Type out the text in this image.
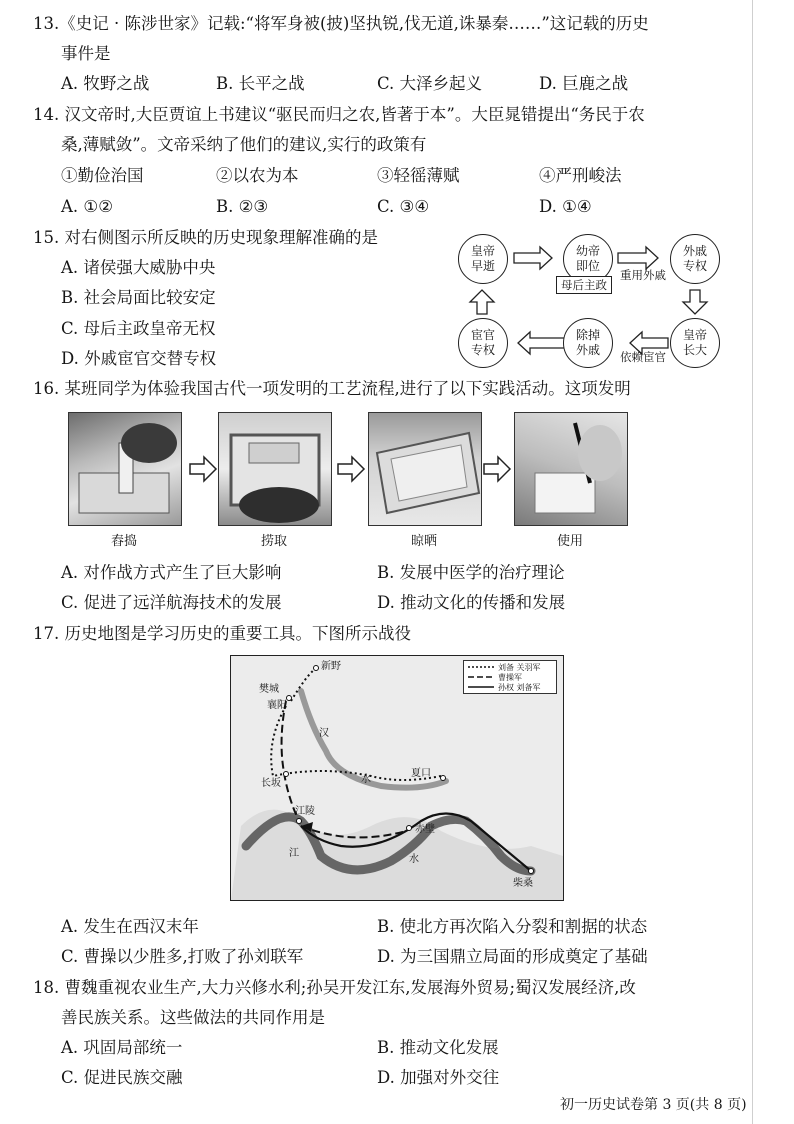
13.《史记 · 陈涉世家》记载:“将军身被(披)坚执锐,伐无道,诛暴秦……”这记载的历史
事件是
A. 牧野之战	B. 长平之战	C. 大泽乡起义	D. 巨鹿之战
14. 汉文帝时,大臣贾谊上书建议“驱民而归之农,皆著于本”。大臣晁错提出“务民于农
桑,薄赋敛”。文帝采纳了他们的建议,实行的政策有
①勤俭治国	②以农为本	③轻徭薄赋	④严刑峻法
A. ①②	B. ②③	C. ③④	D. ①④
15. 对右侧图示所反映的历史现象理解准确的是
A. 诸侯强大威胁中央
B. 社会局面比较安定
C. 母后主政皇帝无权
D. 外戚宦官交替专权
皇帝早逝
幼帝即位
外戚专权
皇帝长大
除掉外戚
宦官专权
母后主政
重用外戚
依赖宦官
16. 某班同学为体验我国古代一项发明的工艺流程,进行了以下实践活动。这项发明
舂捣	捞取	晾晒	使用
A. 对作战方式产生了巨大影响	B. 发展中医学的治疗理论
C. 促进了远洋航海技术的发展	D. 推动文化的传播和发展
17. 历史地图是学习历史的重要工具。下图所示战役
新野
樊城
襄阳
长坂
江陵
夏口
赤壁
柴桑
汉
水
江
水
刘备 关羽军
曹操军
孙权 刘备军
A. 发生在西汉末年	B. 使北方再次陷入分裂和割据的状态
C. 曹操以少胜多,打败了孙刘联军	D. 为三国鼎立局面的形成奠定了基础
18. 曹魏重视农业生产,大力兴修水利;孙吴开发江东,发展海外贸易;蜀汉发展经济,改
善民族关系。这些做法的共同作用是
A. 巩固局部统一	B. 推动文化发展
C. 促进民族交融	D. 加强对外交往
初一历史试卷第 3 页(共 8 页)
